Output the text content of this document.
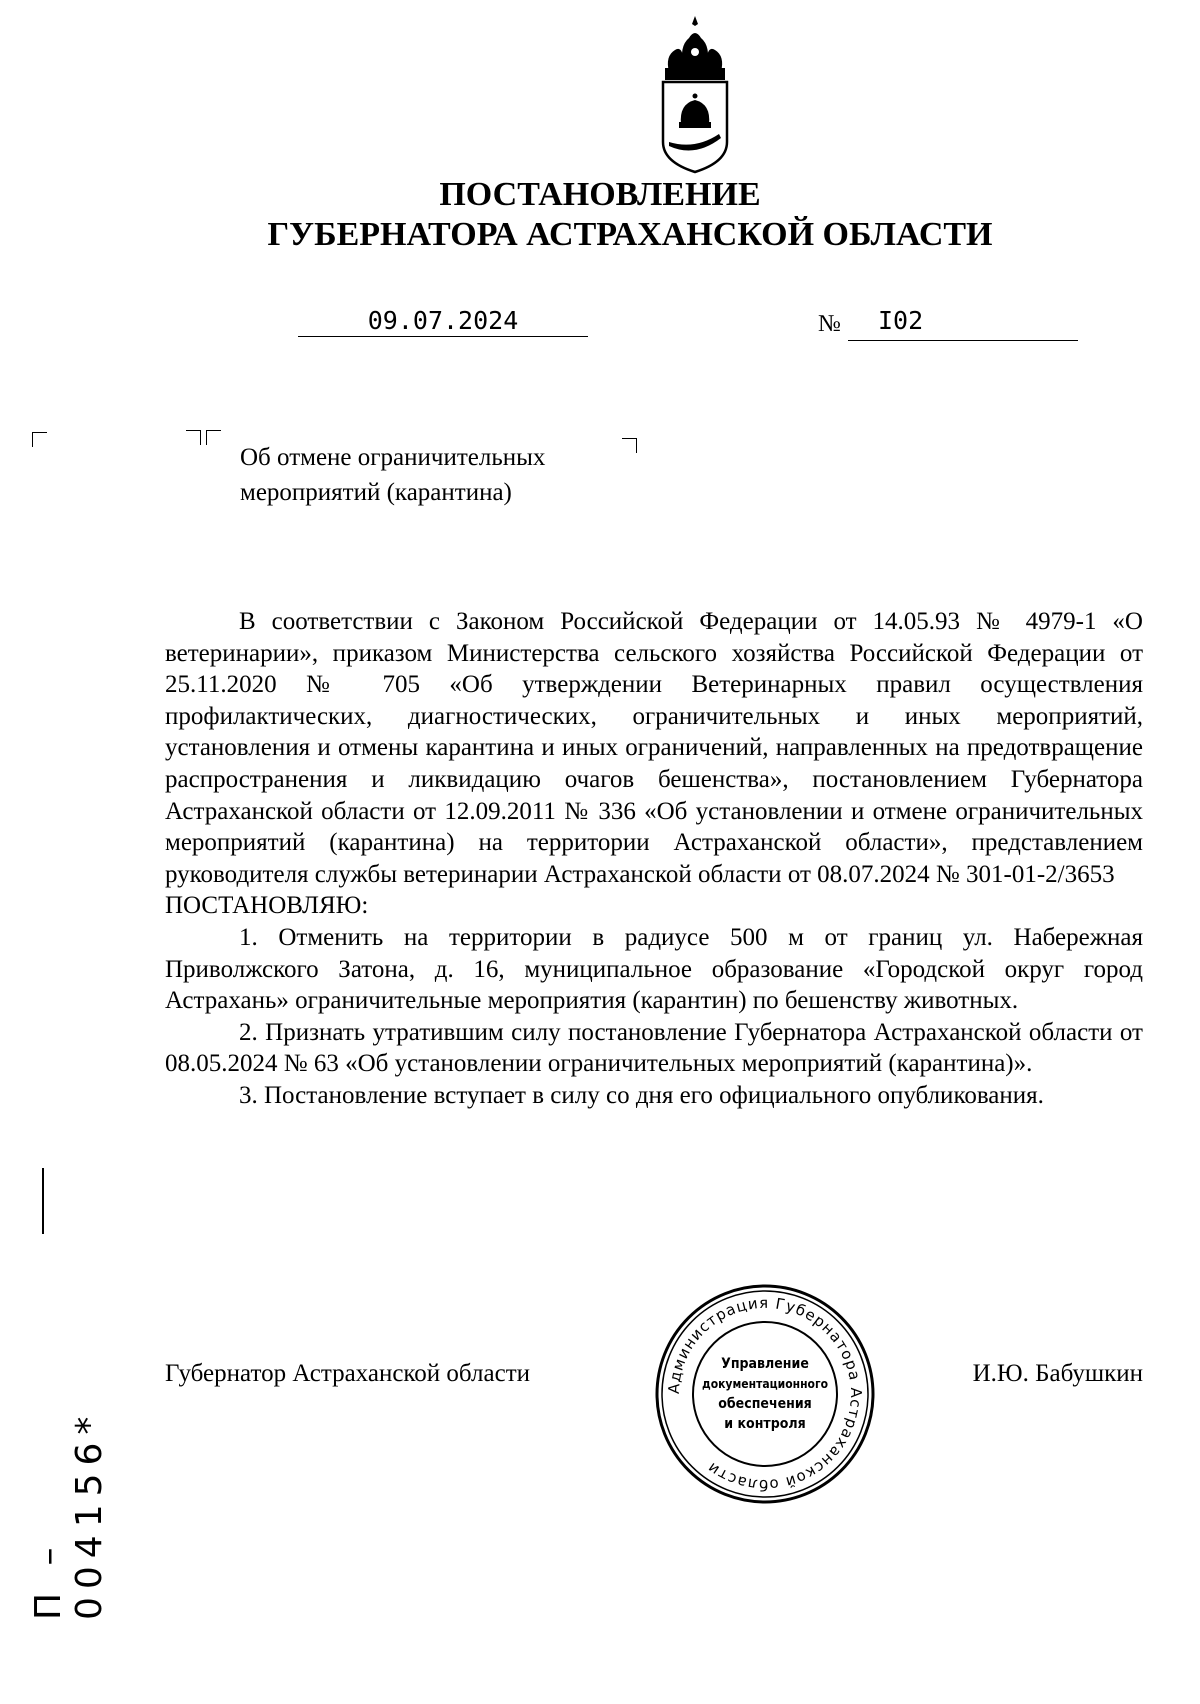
ПОСТАНОВЛЕНИЕ
ГУБЕРНАТОРА АСТРАХАНСКОЙ ОБЛАСТИ
09.07.2024	№	I02
Об отмене ограничительных
мероприятий (карантина)

В соответствии с Законом Российской Федерации от 14.05.93 № 4979-1 «О ветеринарии», приказом Министерства сельского хозяйства Российской Федерации от 25.11.2020 № 705 «Об утверждении Ветеринарных правил осуществления профилактических, диагностических, ограничительных и иных мероприятий, установления и отмены карантина и иных ограничений, направленных на предотвращение распространения и ликвидацию очагов бешенства», постановлением Губернатора Астраханской области от 12.09.2011 № 336 «Об установлении и отмене ограничительных мероприятий (карантина) на территории Астраханской области», представлением руководителя службы ветеринарии Астраханской области от 08.07.2024 № 301-01-2/3653

ПОСТАНОВЛЯЮ:

1. Отменить на территории в радиусе 500 м от границ ул. Набережная Приволжского Затона, д. 16, муниципальное образование «Городской округ город Астрахань» ограничительные мероприятия (карантин) по бешенству животных.

2. Признать утратившим силу постановление Губернатора Астраханской области от 08.05.2024 № 63 «Об установлении ограничительных мероприятий (карантина)».

3. Постановление вступает в силу со дня его официального опубликования.

Губернатор Астраханской области	И.Ю. Бабушкин
Администрация Губернатора Астраханской области
Управление
документационного
обеспечения
и контроля
П – 004156*
